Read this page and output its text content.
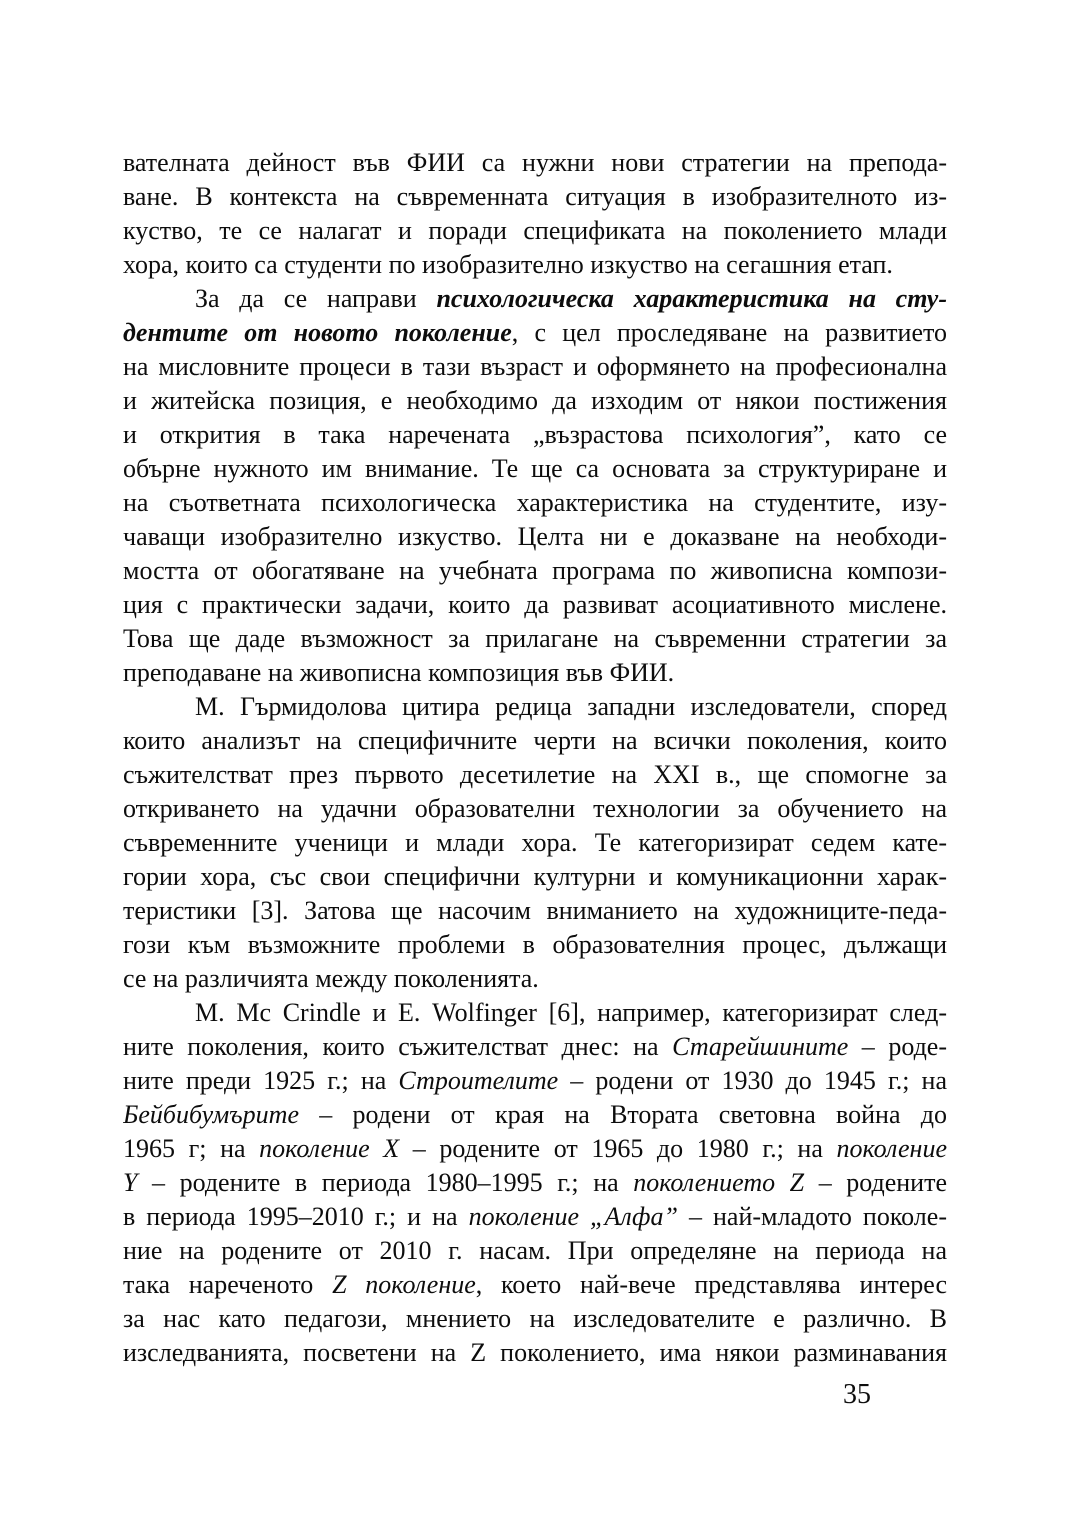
вателната дейност във ФИИ са нужни нови стратегии на препода-
ване. В контекста на съвременната ситуация в изобразителното из-
куство, те се налагат и поради спецификата на поколението млади
хора, които са студенти по изобразително изкуство на сегашния етап.
За да се направи психологическа характеристика на сту-
дентите от новото поколение, с цел проследяване на развитието
на мисловните процеси в тази възраст и оформянето на професионална
и житейска позиция, е необходимо да изходим от някои постижения
и открития в така наречената „възрастова психология”, като се
обърне нужното им внимание. Те ще са основата за структуриране и
на съответната психологическа характеристика на студентите, изу-
чаващи изобразително изкуство. Целта ни е доказване на необходи-
мостта от обогатяване на учебната програма по живописна компози-
ция с практически задачи, които да развиват асоциативното мислене.
Това ще даде възможност за прилагане на съвременни стратегии за
преподаване на живописна композиция във ФИИ.
М. Гърмидолова цитира редица западни изследователи, според
които анализът на специфичните черти на всички поколения, които
съжителстват през първото десетилетие на XXI в., ще спомогне за
откриването на удачни образователни технологии за обучението на
съвременните ученици и млади хора. Те категоризират седем кате-
гории хора, със свои специфични културни и комуникационни харак-
теристики [3]. Затова ще насочим вниманието на художниците-педа-
гози към възможните проблеми в образователния процес, дължащи
се на различията между поколенията.
М. Mc Crindle и Е. Wolfinger [6], например, категоризират след-
ните поколения, които съжителстват днес: на Старейшините – роде-
ните преди 1925 г.; на Строителите – родени от 1930 до 1945 г.; на
Бейбибумърите – родени от края на Втората световна война до
1965 г; на поколение X – родените от 1965 до 1980 г.; на поколение
Y – родените в периода 1980–1995 г.; на поколението Z – родените
в периода 1995–2010 г.; и на поколение „Алфа” – най-младото поколе-
ние на родените от 2010 г. насам. При определяне на периода на
така нареченото Z поколение, което най-вече представлява интерес
за нас като педагози, мнението на изследователите е различно. В
изследванията, посветени на Z поколението, има някои разминавания
35
